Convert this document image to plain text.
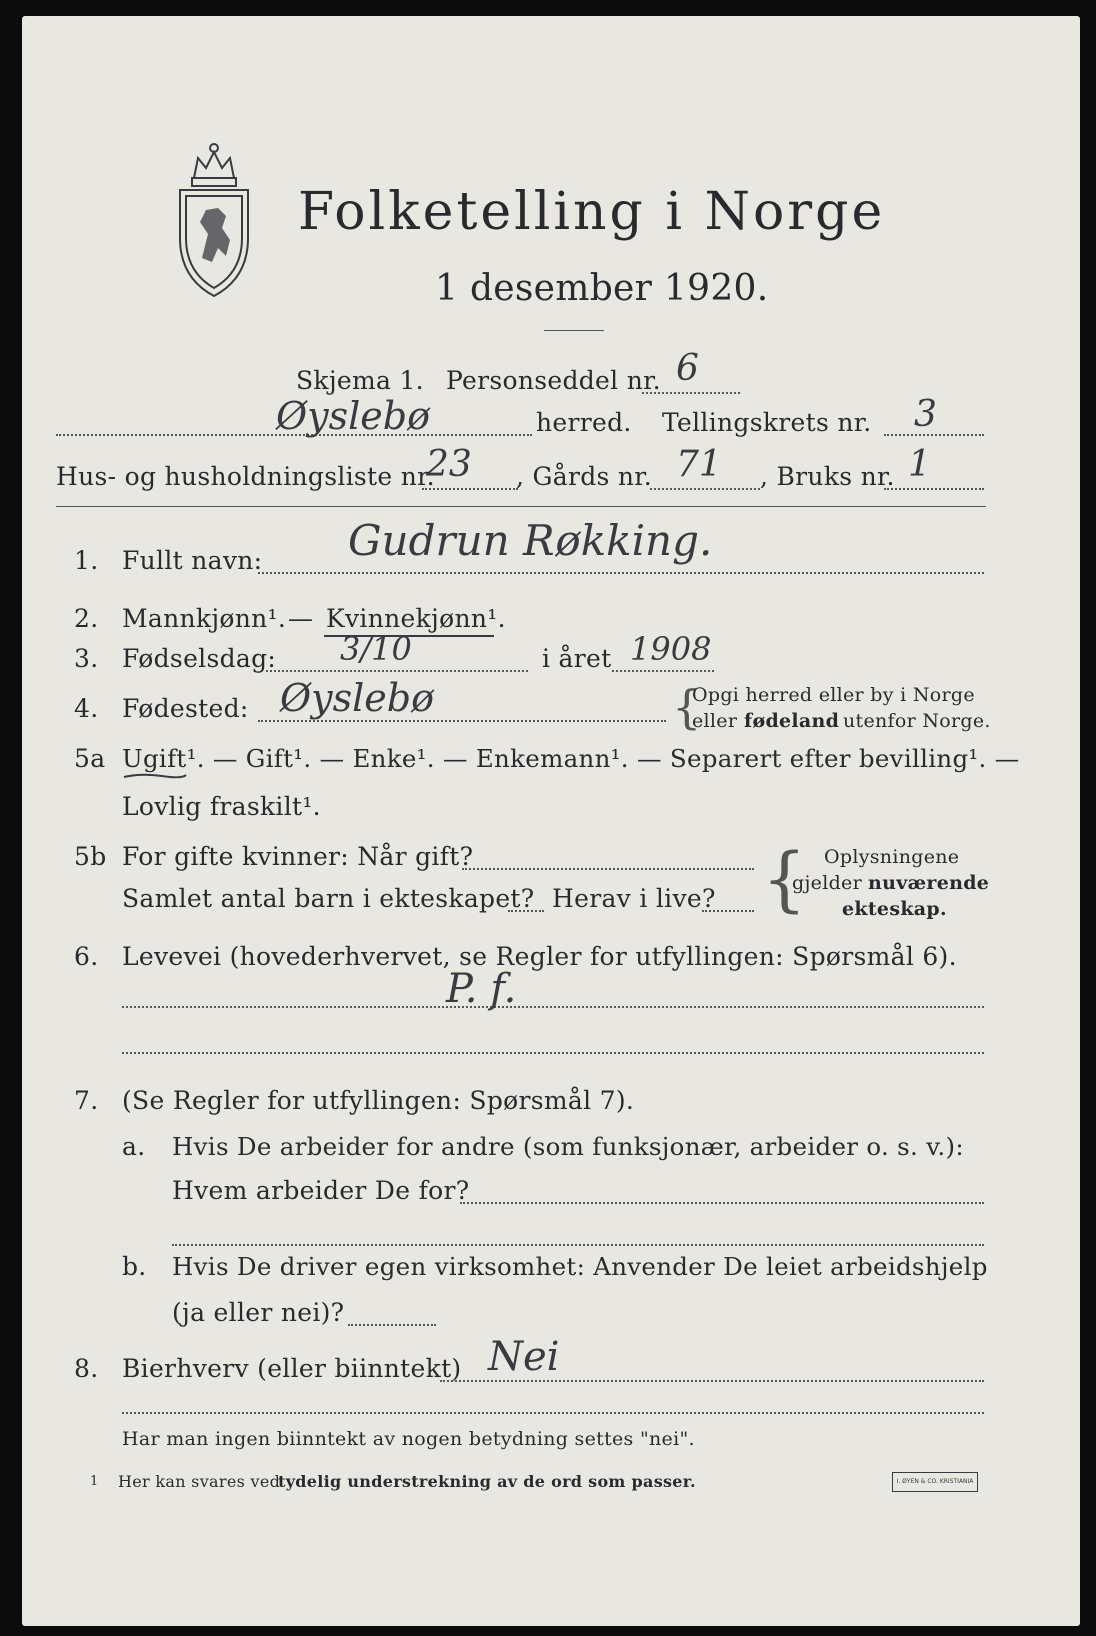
Folketelling i Norge
1 desember 1920.
Skjema 1. Personseddel nr. 6
Øyslebø	herred. Tellingskrets nr. 3
Hus- og husholdningsliste nr.
23 , Gårds nr. 71 , Bruks nr. 1
1. Fullt navn: Gudrun Røkking.
2. Mannkjønn¹. — Kvinnekjønn¹.
3. Fødselsdag: 3/10	i året 1908
4. Fødested: Øyslebø	{
Opgi herred eller by i Norge
eller fødeland utenfor Norge.
5a Ugift¹. — Gift¹. — Enke¹. — Enkemann¹. — Separert efter bevilling¹. —
Lovlig fraskilt¹.
5b For gifte kvinner: Når gift?
Samlet antal barn i ekteskapet? Herav i live? { Oplysningene
gjelder nuværende
ekteskap.
6. Levevei (hovederhvervet, se Regler for utfyllingen: Spørsmål 6).
P. f.
7. (Se Regler for utfyllingen: Spørsmål 7).
a. Hvis De arbeider for andre (som funksjonær, arbeider o. s. v.):
Hvem arbeider De for?
b. Hvis De driver egen virksomhet: Anvender De leiet arbeidshjelp
(ja eller nei)?
8. Bierhverv (eller biinntekt) Nei
Har man ingen biinntekt av nogen betydning settes "nei".
1 Her kan svares ved
tydelig understrekning av de ord som passer.	I. ØYEN & CO. KRISTIANIA
